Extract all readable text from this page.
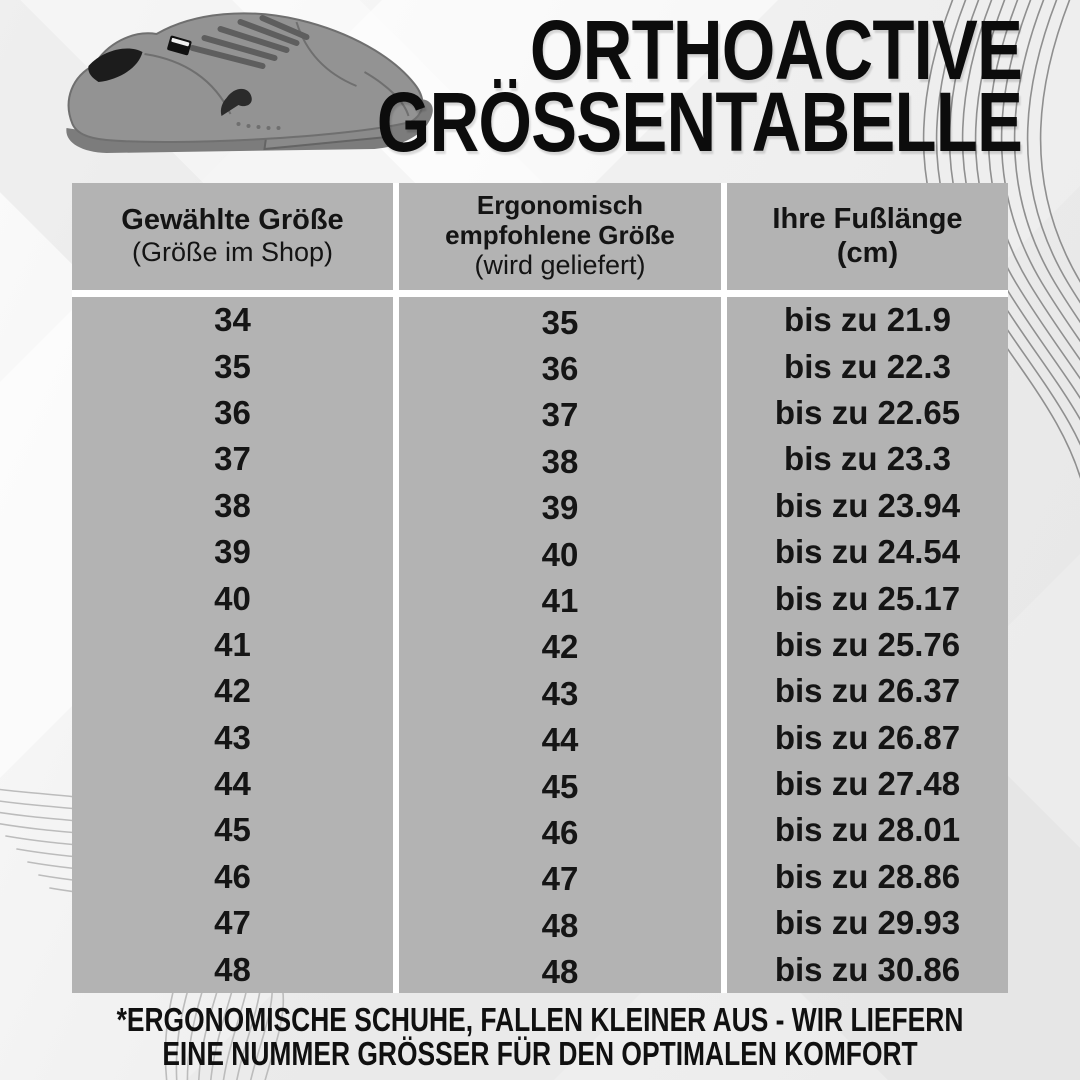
ORTHOACTIVE
GRÖSSENTABELLE
Gewählte Größe
(Größe im Shop)
Ergonomisch empfohlene Größe
(wird geliefert)
Ihre Fußlänge
(cm)
34	35	bis zu 21.9
35	36	bis zu 22.3
36	37	bis zu 22.65
37	38	bis zu 23.3
38	39	bis zu 23.94
39	40	bis zu 24.54
40	41	bis zu 25.17
41	42	bis zu 25.76
42	43	bis zu 26.37
43	44	bis zu 26.87
44	45	bis zu 27.48
45	46	bis zu 28.01
46	47	bis zu 28.86
47	48	bis zu 29.93
48	48	bis zu 30.86
*ERGONOMISCHE SCHUHE, FALLEN KLEINER AUS - WIR LIEFERN
EINE NUMMER GRÖSSER FÜR DEN OPTIMALEN KOMFORT
